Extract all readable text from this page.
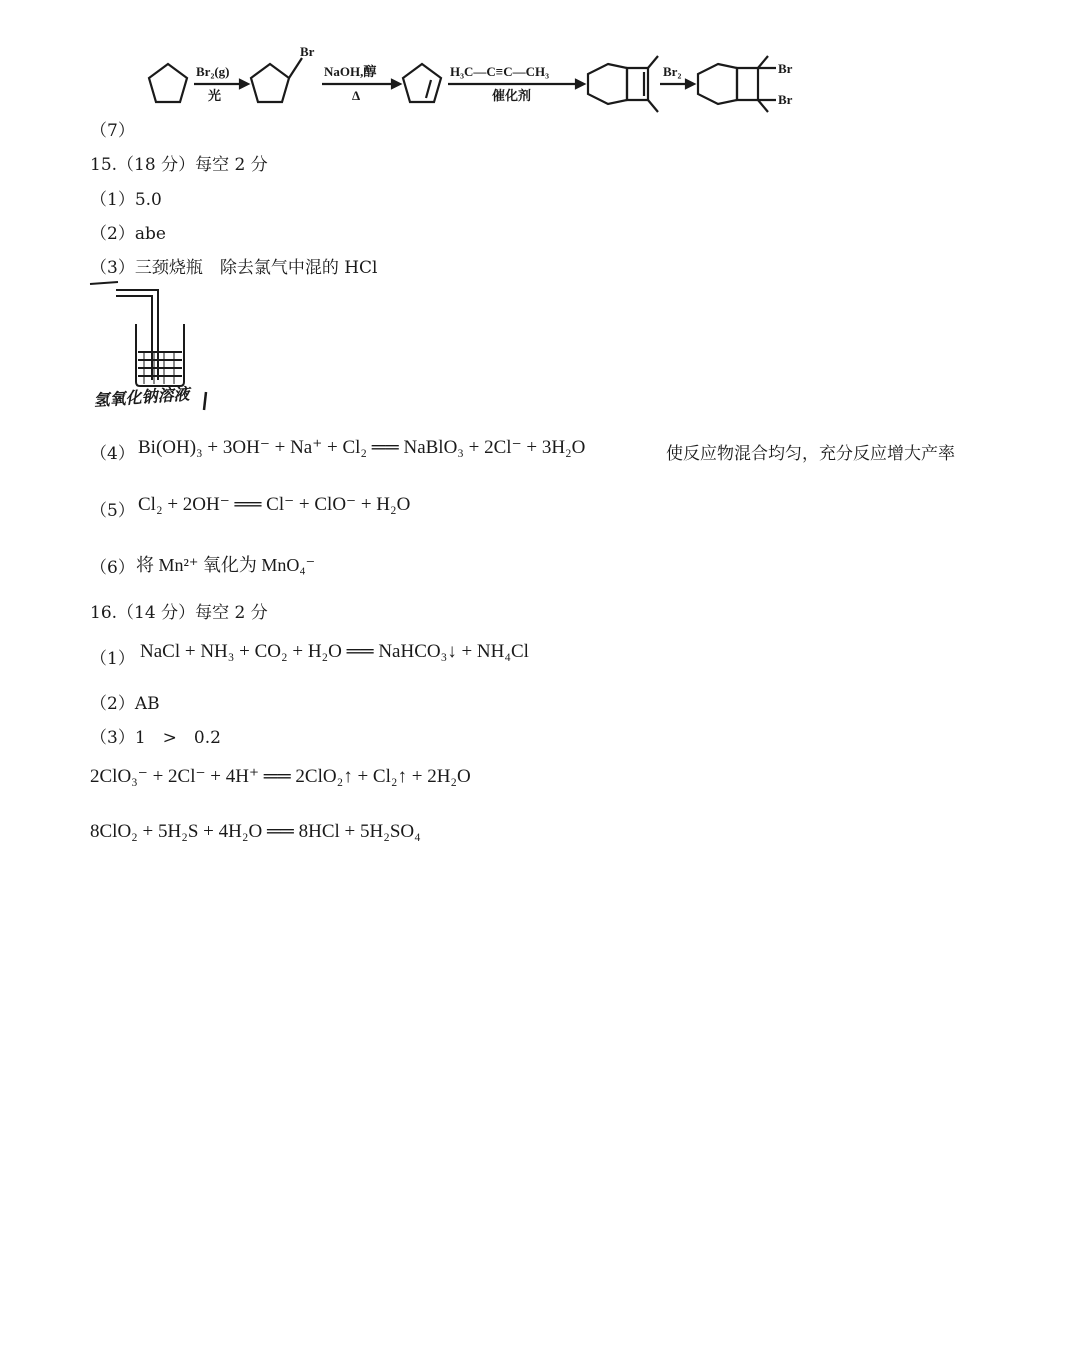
Br₂(g)
光
Br
NaOH,醇
Δ
H₃C—C≡C—CH₃
催化剂
Br₂	Br
Br
（7）
15.（18 分）每空 2 分
（1）5.0
（2）abe
（3）三颈烧瓶　除去氯气中混的 HCl
氢氧化钠溶液
（4） Bi(OH)₃ + 3OH⁻ + Na⁺ + Cl₂ ══ NaBlO₃ + 2Cl⁻ + 3H₂O	使反应物混合均匀，充分反应增大产率
（5） Cl₂ + 2OH⁻ ══ Cl⁻ + ClO⁻ + H₂O
（6） 将 Mn²⁺ 氧化为 MnO₄⁻
16.（14 分）每空 2 分
（1） NaCl + NH₃ + CO₂ + H₂O ══ NaHCO₃↓ + NH₄Cl
（2）AB
（3）1　>　0.2
2ClO₃⁻ + 2Cl⁻ + 4H⁺ ══ 2ClO₂↑ + Cl₂↑ + 2H₂O
8ClO₂ + 5H₂S + 4H₂O ══ 8HCl + 5H₂SO₄
